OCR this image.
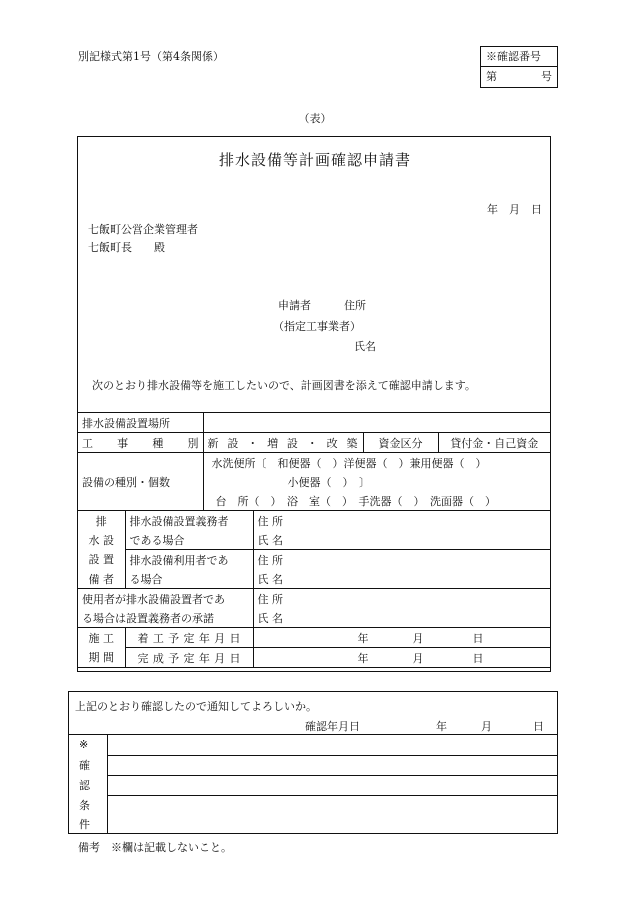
別記様式第1号（第4条関係）	※確認番号
第	号
（表）
排水設備等計画確認申請書
年　月　日
七飯町公営企業管理者
七飯町長　　殿
申請者　　　住所
（指定工事業者）
氏名
次のとおり排水設備等を施工したいので、計画図書を添えて確認申請します。
排水設備設置場所					
工事種別		新設・増設・改築		資金区分	貸付金・自己資金
設備の種別・個数		水洗便所〔　和便器（　）洋便器（　）兼用便器（　）			
		小便器（　）　〕			
		台　所（　）　浴　室（　）　手洗器（　）　洗面器（　）			
排	排水設備設置義務者		住 所		
水 設	である場合		氏 名		
設 置	排水設備利用者であ		住 所		
備 者	る場合		氏 名		
使用者が排水設備設置者であ			住 所		
る場合は設置義務者の承諾			氏 名		
施 工	着工予定年月日		年 月 日		
期 間	完成予定年月日		年 月 日		
上記のとおり確認したので通知してよろしいか。
確認年月日	年	月	日
※
確
認
条
件
備考　※欄は記載しないこと。
